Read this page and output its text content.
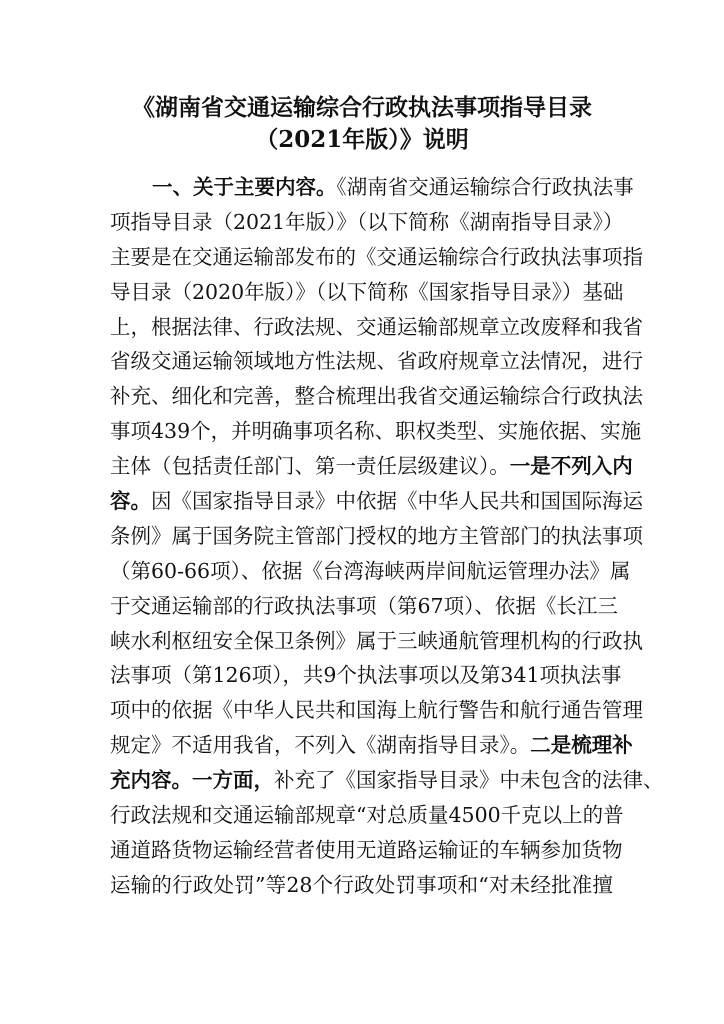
《湖南省交通运输综合行政执法事项指导目录
（2021年版）》说明
一、关于主要内容。《湖南省交通运输综合行政执法事
项指导目录（2021年版）》（以下简称《湖南指导目录》）
主要是在交通运输部发布的《交通运输综合行政执法事项指
导目录（2020年版）》（以下简称《国家指导目录》）基础
上，根据法律、行政法规、交通运输部规章立改废释和我省
省级交通运输领域地方性法规、省政府规章立法情况，进行
补充、细化和完善，整合梳理出我省交通运输综合行政执法
事项439个，并明确事项名称、职权类型、实施依据、实施
主体（包括责任部门、第一责任层级建议）。一是不列入内
容。因《国家指导目录》中依据《中华人民共和国国际海运
条例》属于国务院主管部门授权的地方主管部门的执法事项
（第60-66项）、依据《台湾海峡两岸间航运管理办法》属
于交通运输部的行政执法事项（第67项）、依据《长江三
峡水利枢纽安全保卫条例》属于三峡通航管理机构的行政执
法事项（第126项），共9个执法事项以及第341项执法事
项中的依据《中华人民共和国海上航行警告和航行通告管理
规定》不适用我省，不列入《湖南指导目录》。二是梳理补
充内容。一方面，补充了《国家指导目录》中未包含的法律、
行政法规和交通运输部规章“对总质量4500千克以上的普
通道路货物运输经营者使用无道路运输证的车辆参加货物
运输的行政处罚”等28个行政处罚事项和“对未经批准擅
